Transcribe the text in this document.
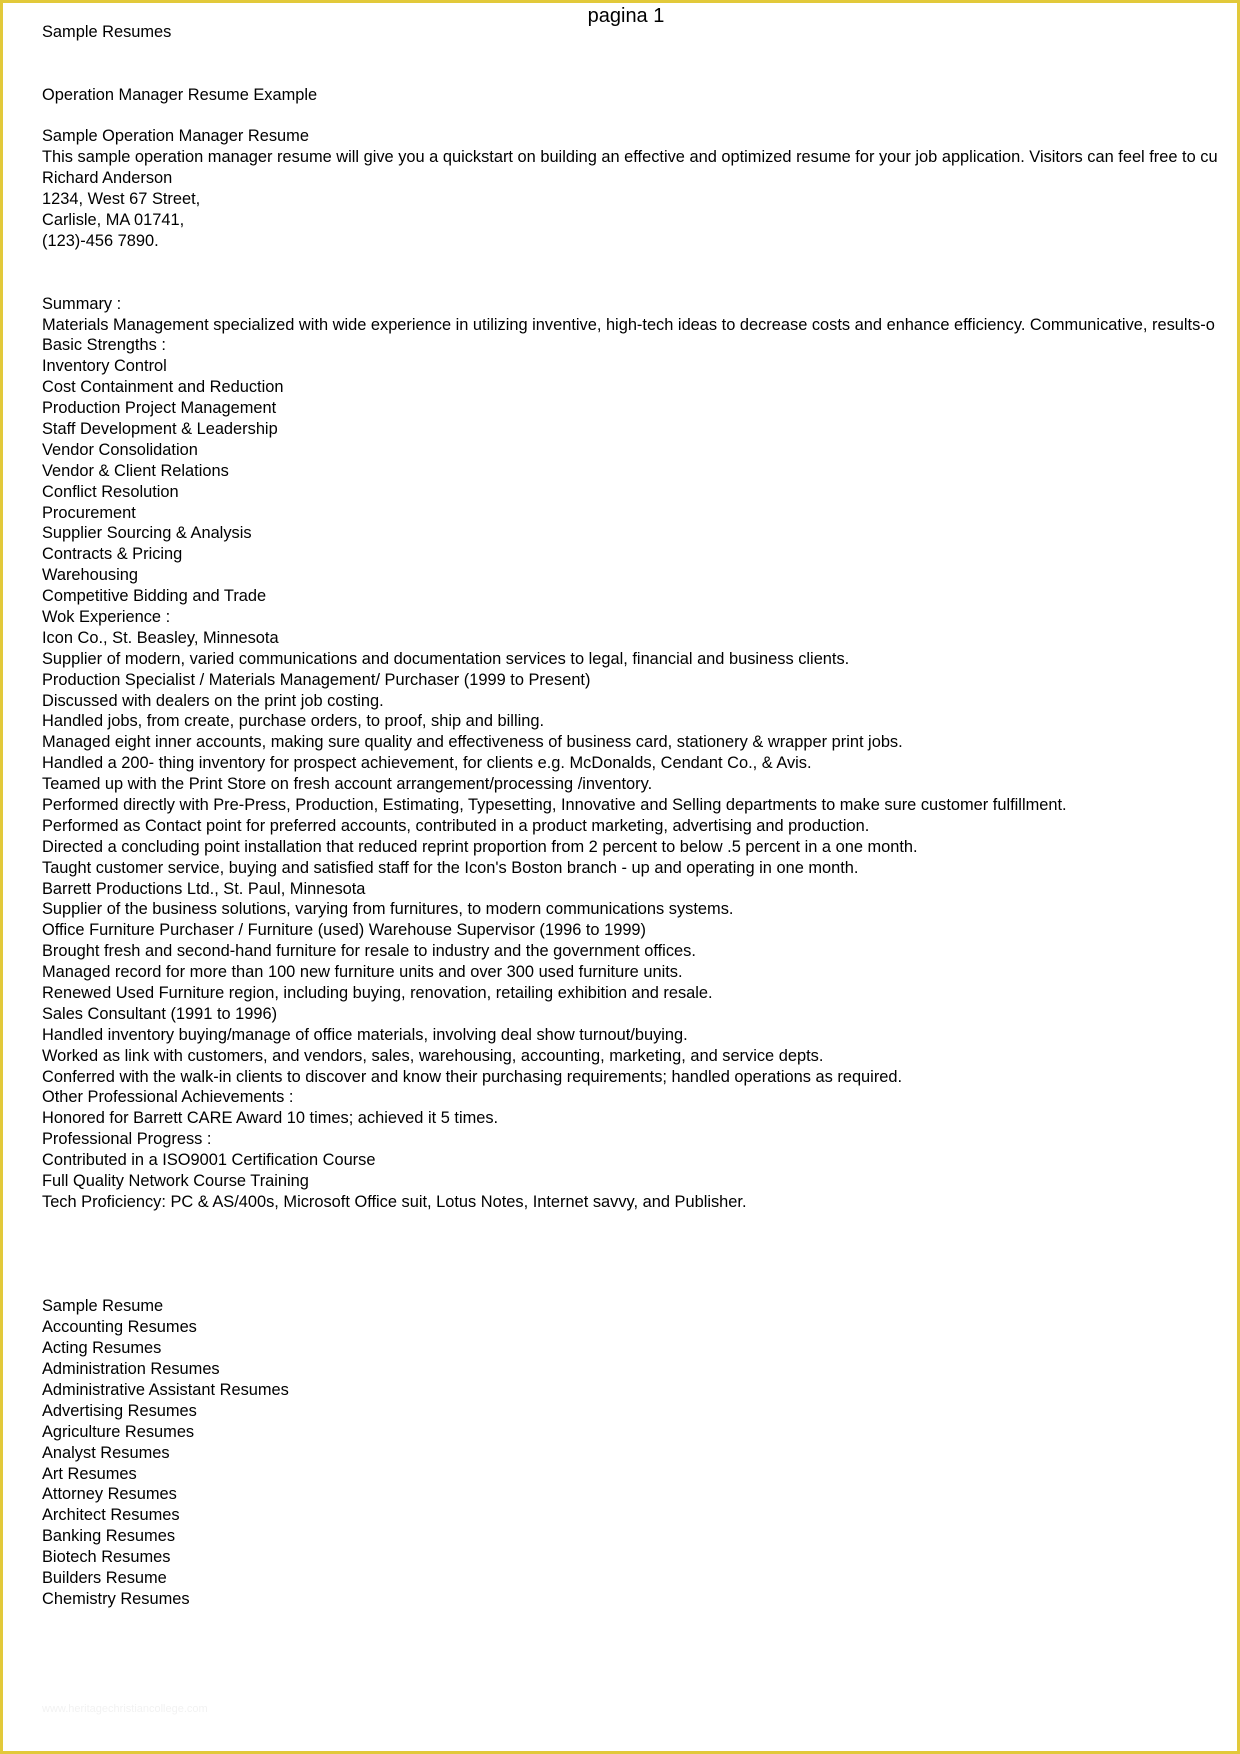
pagina 1
Sample Resumes
Operation Manager Resume Example
Sample Operation Manager Resume
This sample operation manager resume will give you a quickstart on building an effective and optimized resume for your job application. Visitors can feel free to cu
Richard Anderson
1234, West 67 Street,
Carlisle, MA 01741,
(123)-456 7890.
Summary :
Materials Management specialized with wide experience in utilizing inventive, high-tech ideas to decrease costs and enhance efficiency. Communicative, results-o
Basic Strengths :
Inventory Control
Cost Containment and Reduction
Production Project Management
Staff Development & Leadership
Vendor Consolidation
Vendor & Client Relations
Conflict Resolution
Procurement
Supplier Sourcing & Analysis
Contracts & Pricing
Warehousing
Competitive Bidding and Trade
Wok Experience :
Icon Co., St. Beasley, Minnesota
Supplier of modern, varied communications and documentation services to legal, financial and business clients.
Production Specialist / Materials Management/ Purchaser (1999 to Present)
Discussed with dealers on the print job costing.
Handled jobs, from create, purchase orders, to proof, ship and billing.
Managed eight inner accounts, making sure quality and effectiveness of business card, stationery & wrapper print jobs.
Handled a 200- thing inventory for prospect achievement, for clients e.g. McDonalds, Cendant Co., & Avis.
Teamed up with the Print Store on fresh account arrangement/processing /inventory.
Performed directly with Pre-Press, Production, Estimating, Typesetting, Innovative and Selling departments to make sure customer fulfillment.
Performed as Contact point for preferred accounts, contributed in a product marketing, advertising and production.
Directed a concluding point installation that reduced reprint proportion from 2 percent to below .5 percent in a one month.
Taught customer service, buying and satisfied staff for the Icon's Boston branch - up and operating in one month.
Barrett Productions Ltd., St. Paul, Minnesota
Supplier of the business solutions, varying from furnitures, to modern communications systems.
Office Furniture Purchaser / Furniture (used) Warehouse Supervisor (1996 to 1999)
Brought fresh and second-hand furniture for resale to industry and the government offices.
Managed record for more than 100 new furniture units and over 300 used furniture units.
Renewed Used Furniture region, including buying, renovation, retailing exhibition and resale.
Sales Consultant (1991 to 1996)
Handled inventory buying/manage of office materials, involving deal show turnout/buying.
Worked as link with customers, and vendors, sales, warehousing, accounting, marketing, and service depts.
Conferred with the walk-in clients to discover and know their purchasing requirements; handled operations as required.
Other Professional Achievements :
Honored for Barrett CARE Award 10 times; achieved it 5 times.
Professional Progress :
Contributed in a ISO9001 Certification Course
Full Quality Network Course Training
Tech Proficiency: PC & AS/400s, Microsoft Office suit, Lotus Notes, Internet savvy, and Publisher.
Sample Resume
Accounting Resumes
Acting Resumes
Administration Resumes
Administrative Assistant Resumes
Advertising Resumes
Agriculture Resumes
Analyst Resumes
Art Resumes
Attorney Resumes
Architect Resumes
Banking Resumes
Biotech Resumes
Builders Resume
Chemistry Resumes
www.heritagechristiancollege.com
